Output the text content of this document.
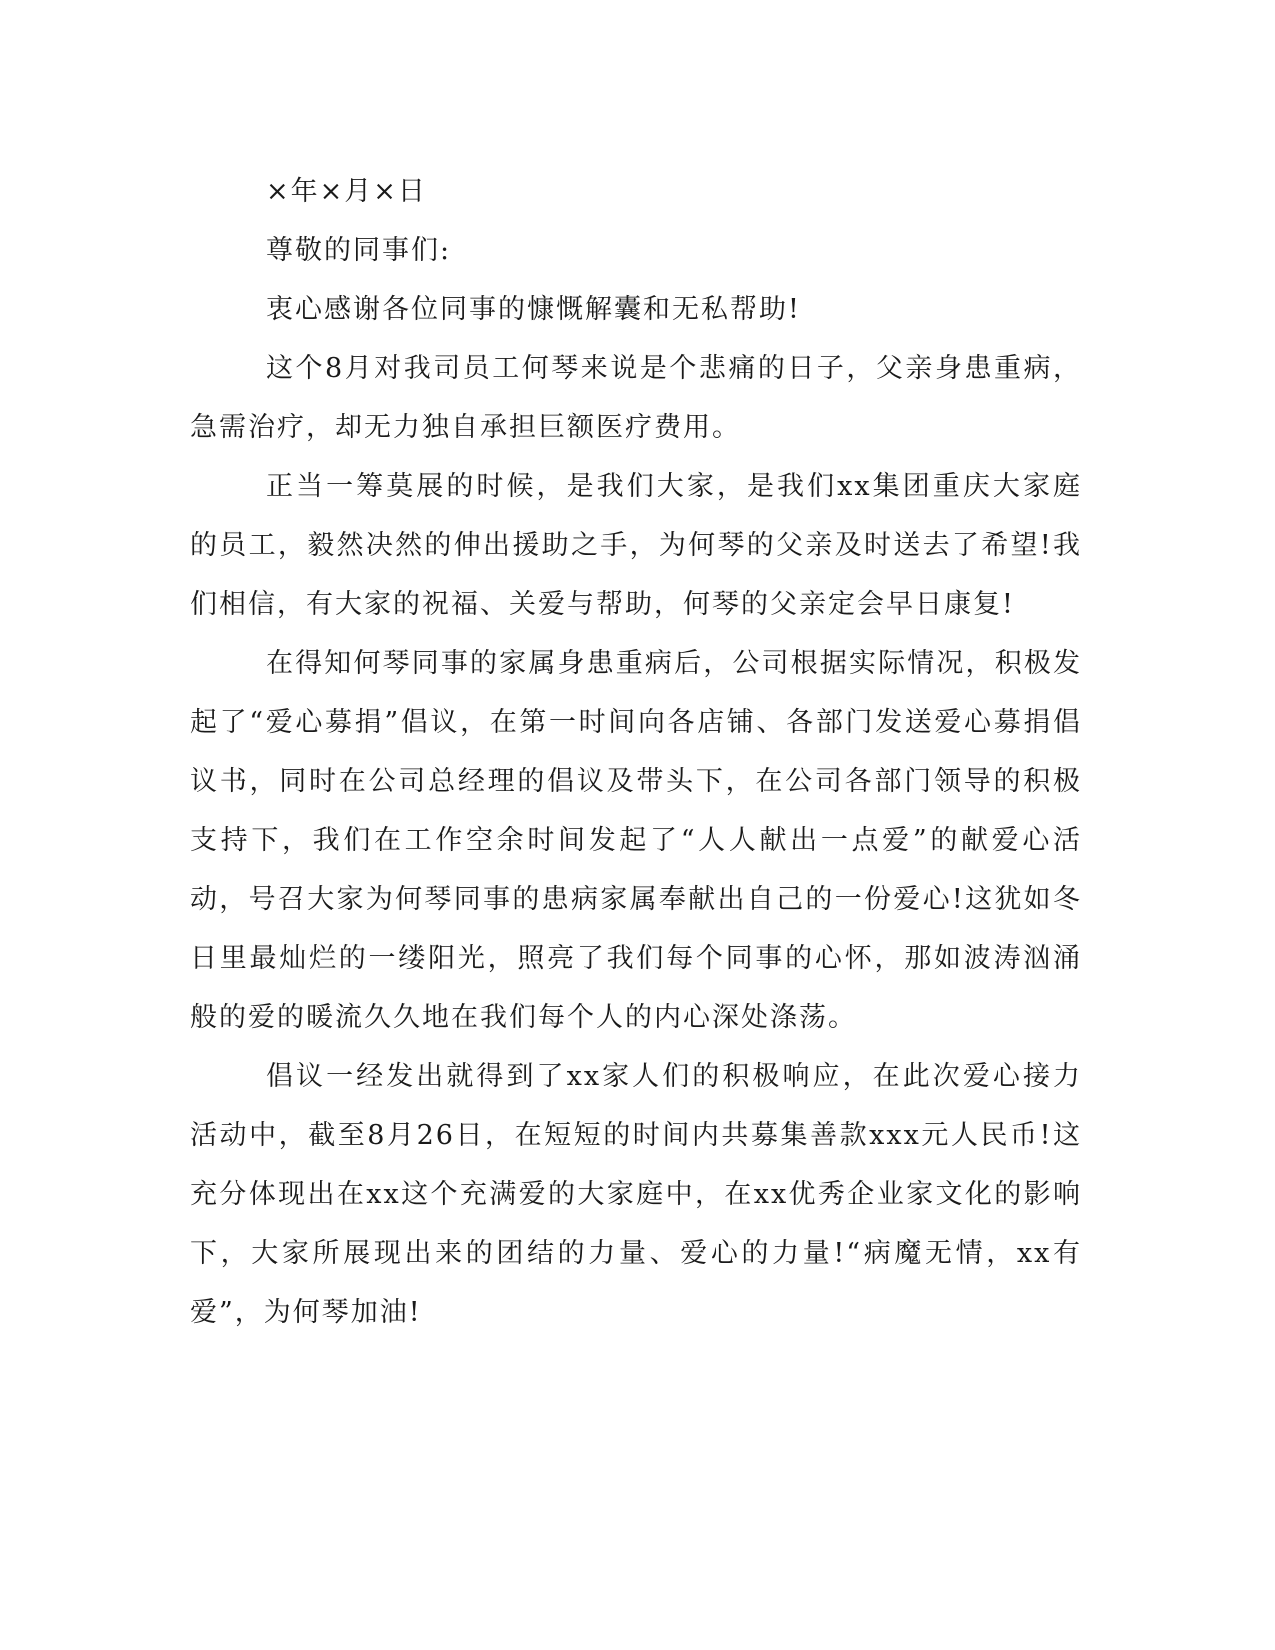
×年×月×日

尊敬的同事们:

衷心感谢各位同事的慷慨解囊和无私帮助!

这个8月对我司员工何琴来说是个悲痛的日子，父亲身患重病，急需治疗，却无力独自承担巨额医疗费用。

正当一筹莫展的时候，是我们大家，是我们xx集团重庆大家庭的员工，毅然决然的伸出援助之手，为何琴的父亲及时送去了希望!我们相信，有大家的祝福、关爱与帮助，何琴的父亲定会早日康复!

在得知何琴同事的家属身患重病后，公司根据实际情况，积极发起了“爱心募捐”倡议，在第一时间向各店铺、各部门发送爱心募捐倡议书，同时在公司总经理的倡议及带头下，在公司各部门领导的积极支持下，我们在工作空余时间发起了“人人献出一点爱”的献爱心活动，号召大家为何琴同事的患病家属奉献出自己的一份爱心!这犹如冬日里最灿烂的一缕阳光，照亮了我们每个同事的心怀，那如波涛汹涌般的爱的暖流久久地在我们每个人的内心深处涤荡。

倡议一经发出就得到了xx家人们的积极响应，在此次爱心接力活动中，截至8月26日，在短短的时间内共募集善款xxx元人民币!这充分体现出在xx这个充满爱的大家庭中，在xx优秀企业家文化的影响下，大家所展现出来的团结的力量、爱心的力量!“病魔无情，xx有爱”，为何琴加油!
